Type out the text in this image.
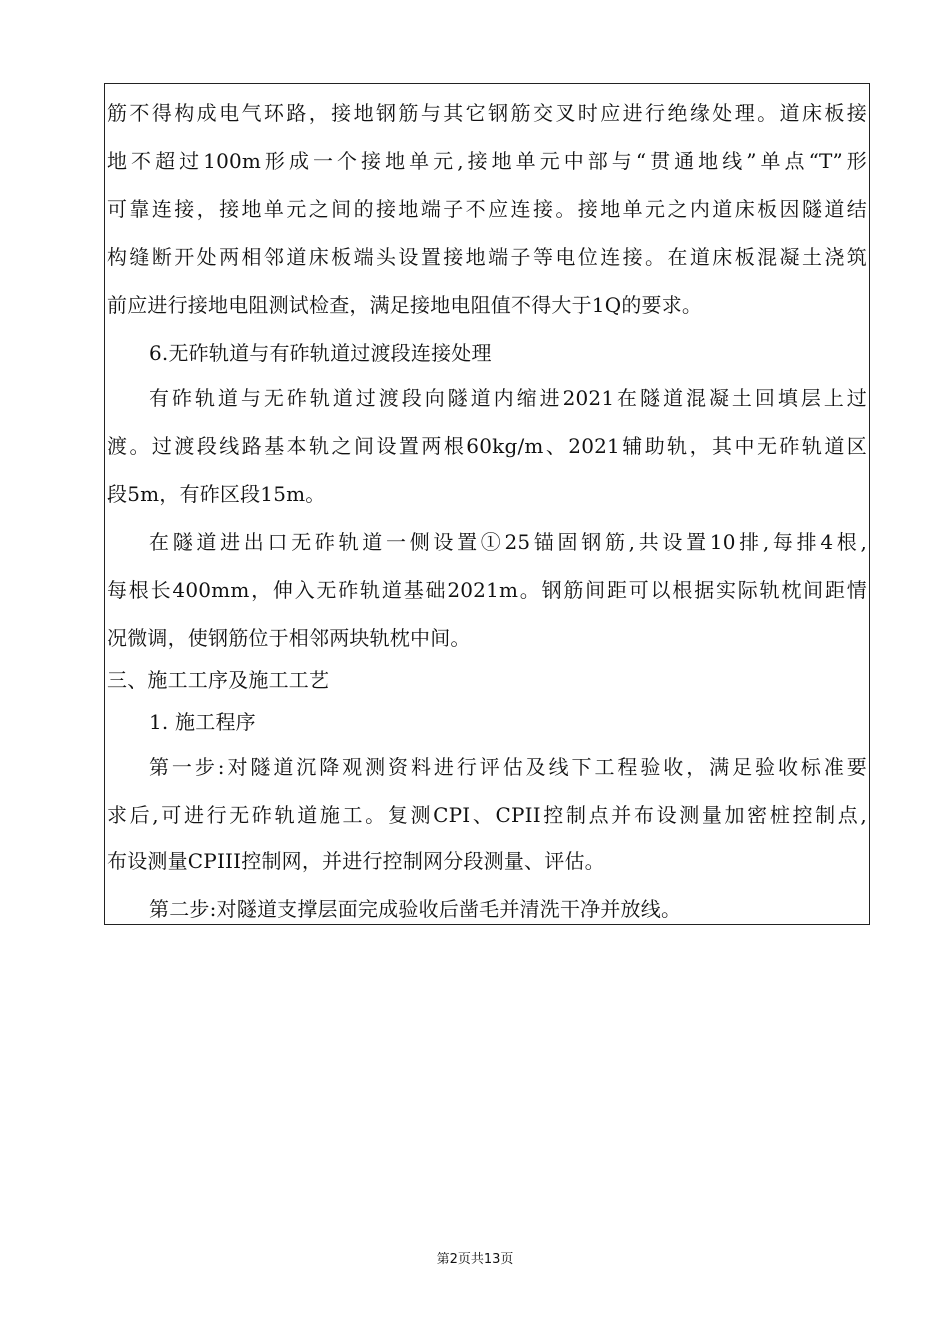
筋不得构成电气环路，接地钢筋与其它钢筋交叉时应进行绝缘处理。道床板接
地不超过100m形成一个接地单元,接地单元中部与“贯通地线”单点“T”形
可靠连接，接地单元之间的接地端子不应连接。接地单元之内道床板因隧道结
构缝断开处两相邻道床板端头设置接地端子等电位连接。在道床板混凝土浇筑
前应进行接地电阻测试检查，满足接地电阻值不得大于1Q的要求。
6.无砟轨道与有砟轨道过渡段连接处理
有砟轨道与无砟轨道过渡段向隧道内缩进2021在隧道混凝土回填层上过
渡。过渡段线路基本轨之间设置两根60kg/m、2021辅助轨，其中无砟轨道区
段5m，有砟区段15m。
在隧道进出口无砟轨道一侧设置①25锚固钢筋,共设置10排,每排4根,
每根长400mm，伸入无砟轨道基础2021m。钢筋间距可以根据实际轨枕间距情
况微调，使钢筋位于相邻两块轨枕中间。
三、施工工序及施工工艺
1. 施工程序
第一步:对隧道沉降观测资料进行评估及线下工程验收，满足验收标准要
求后,可进行无砟轨道施工。复测CPI、CPII控制点并布设测量加密桩控制点,
布设测量CPIII控制网，并进行控制网分段测量、评估。
第二步:对隧道支撑层面完成验收后凿毛并清洗干净并放线。
第2页共13页
